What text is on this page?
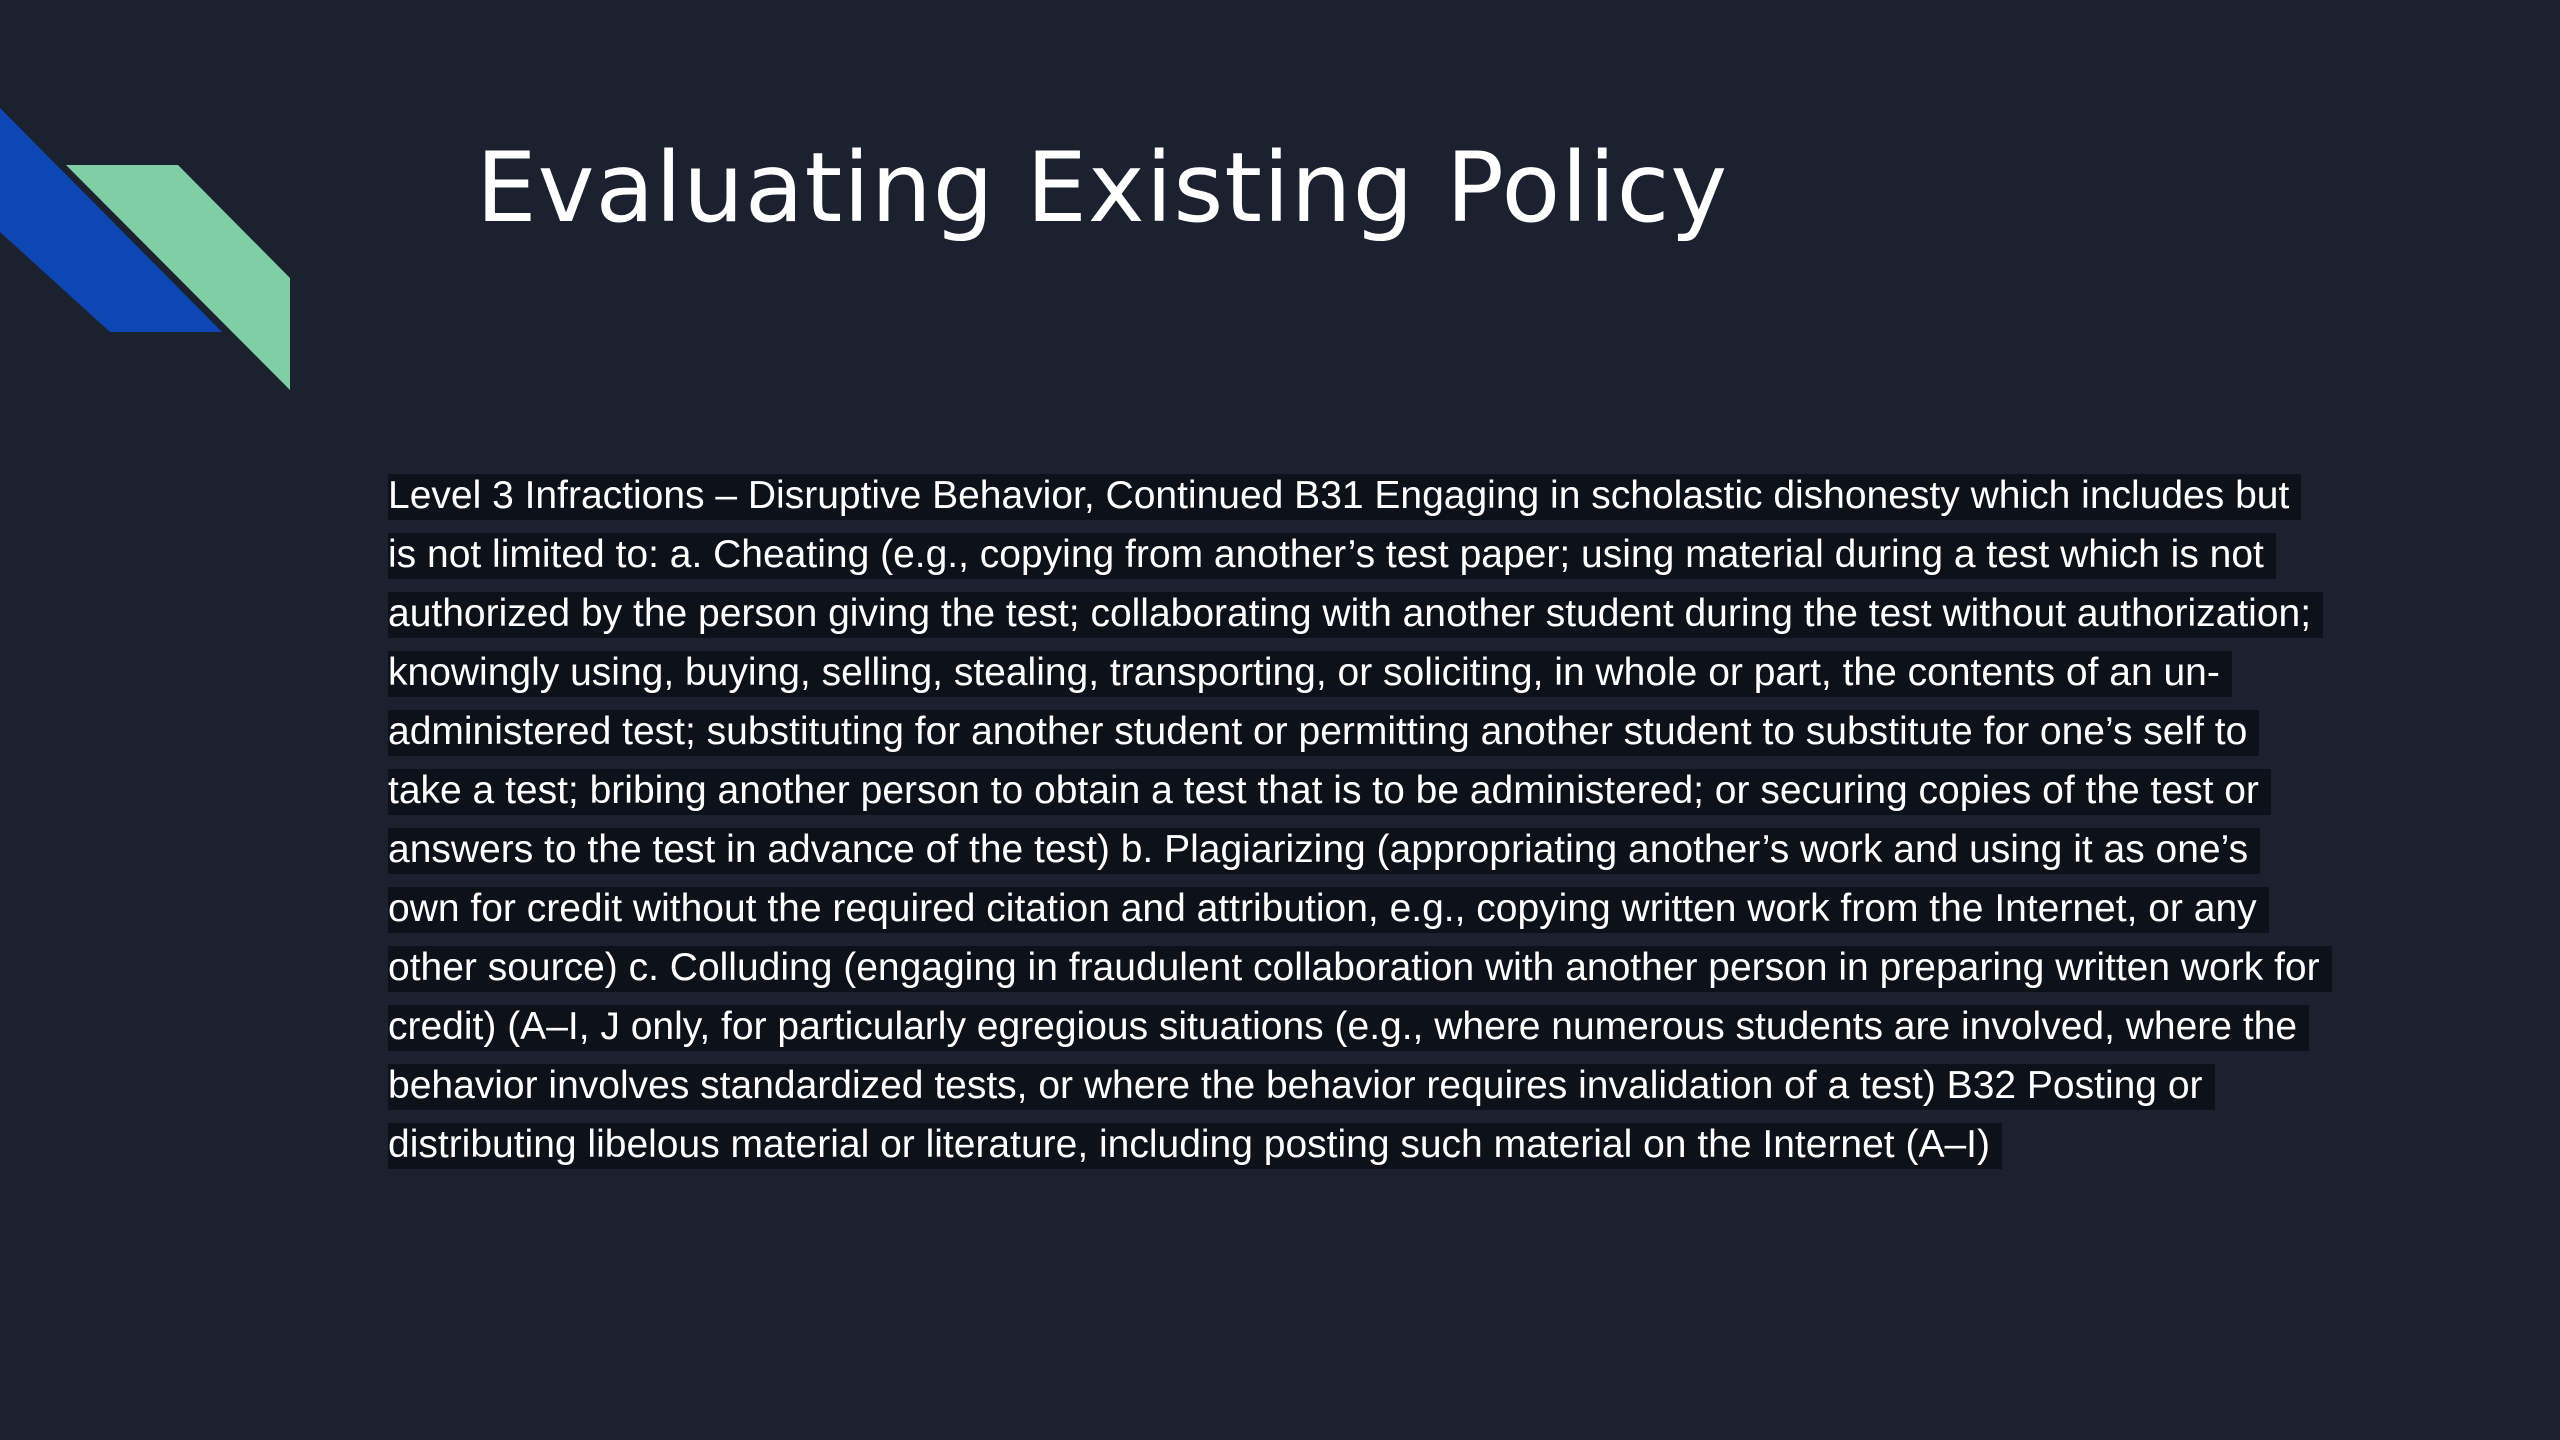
Evaluating Existing Policy
Level 3 Infractions – Disruptive Behavior, Continued B31 Engaging in scholastic dishonesty which includes but is not limited to: a. Cheating (e.g., copying from another’s test paper; using material during a test which is not authorized by the person giving the test; collaborating with another student during the test without authorization; knowingly using, buying, selling, stealing, transporting, or soliciting, in whole or part, the contents of an un-administered test; substituting for another student or permitting another student to substitute for one’s self to take a test; bribing another person to obtain a test that is to be administered; or securing copies of the test or answers to the test in advance of the test) b. Plagiarizing (appropriating another’s work and using it as one’s own for credit without the required citation and attribution, e.g., copying written work from the Internet, or any other source) c. Colluding (engaging in fraudulent collaboration with another person in preparing written work for credit) (A–I, J only, for particularly egregious situations (e.g., where numerous students are involved, where the behavior involves standardized tests, or where the behavior requires invalidation of a test) B32 Posting or distributing libelous material or literature, including posting such material on the Internet (A–I)
